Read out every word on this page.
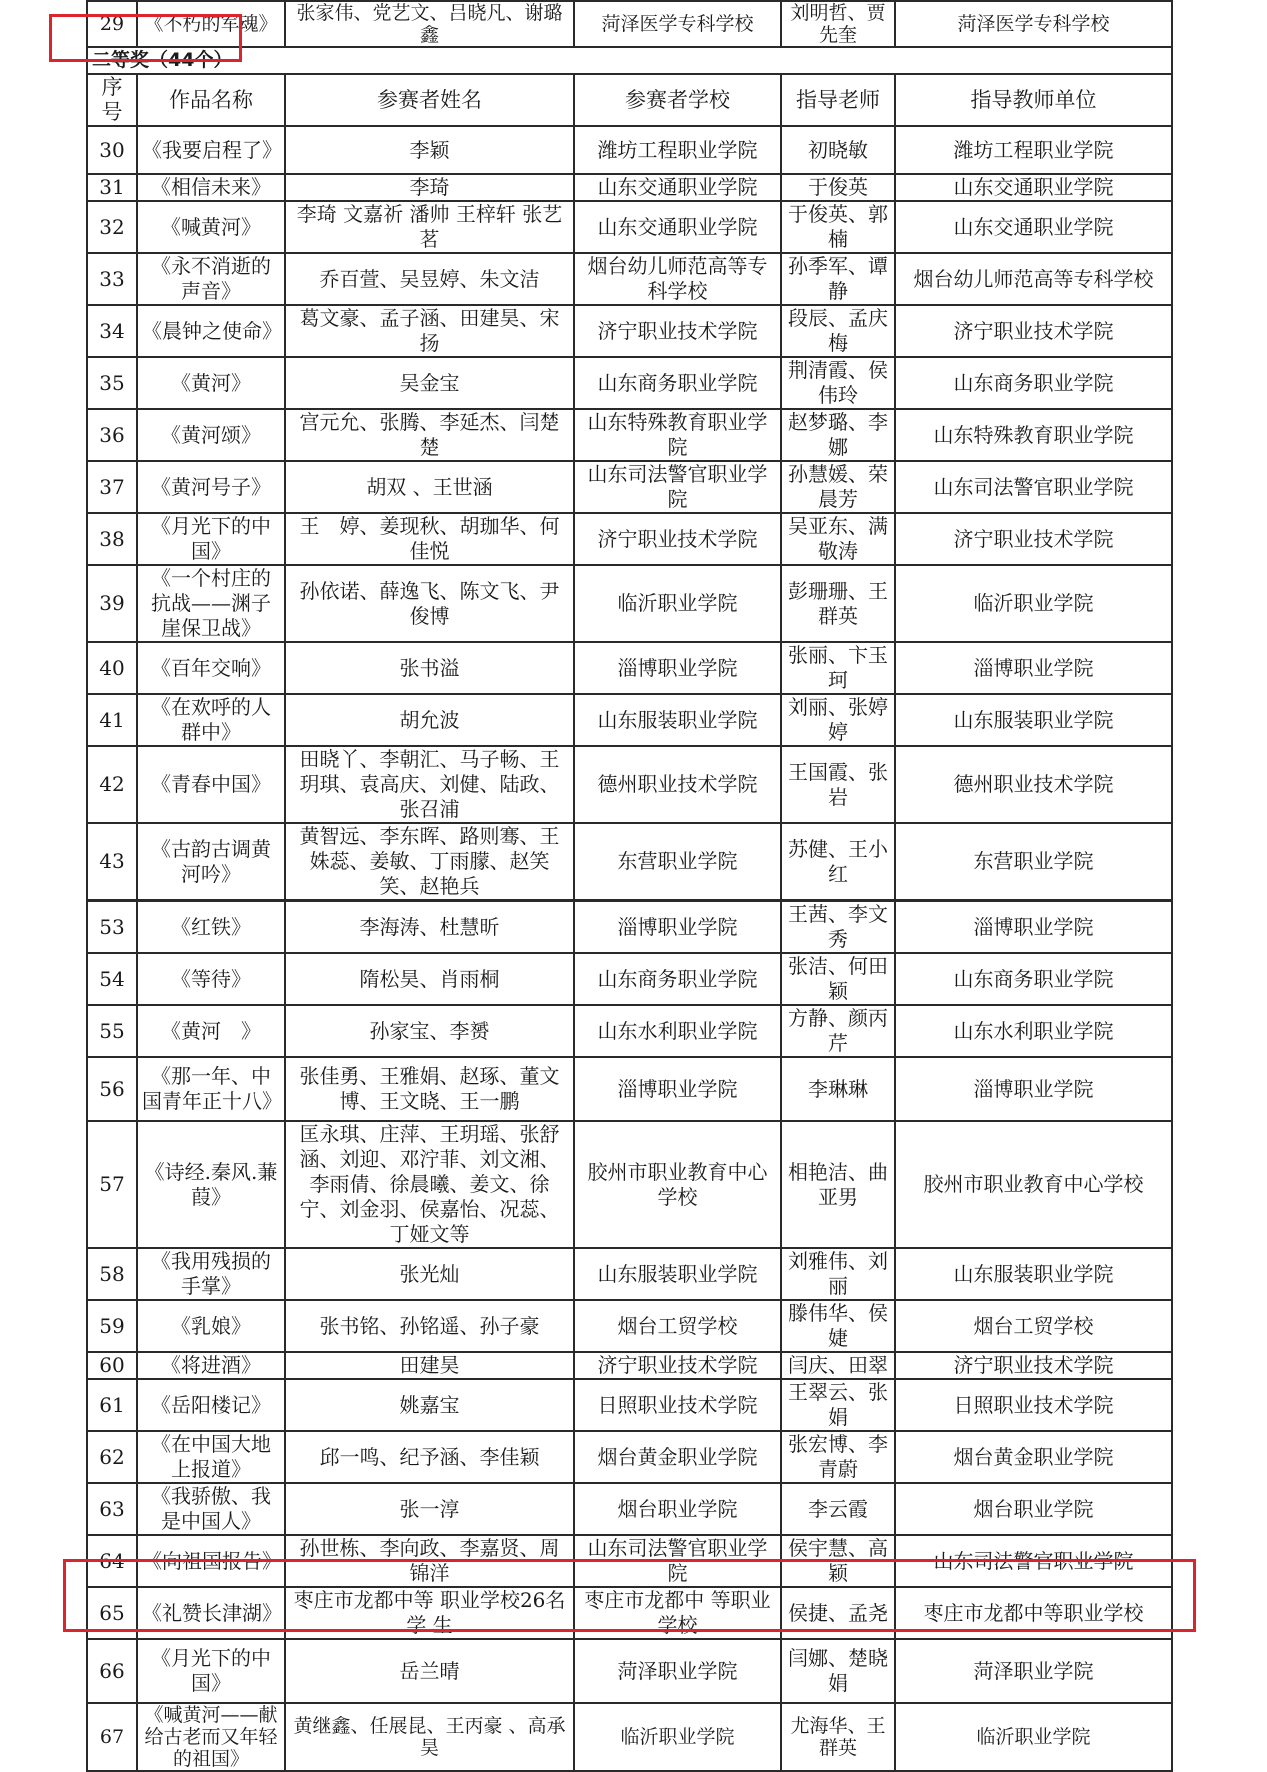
29	《不朽的军魂》	张家伟、党艺文、吕晓凡、谢璐鑫	菏泽医学专科学校	刘明哲、贾先奎	菏泽医学专科学校
二等奖（44个）					
序号	作品名称	参赛者姓名	参赛者学校	指导老师	指导教师单位
30	《我要启程了》	李颖	潍坊工程职业学院	初晓敏	潍坊工程职业学院
31	《相信未来》	李琦	山东交通职业学院	于俊英	山东交通职业学院
32	《喊黄河》	李琦 文嘉祈 潘帅 王梓轩 张艺茗	山东交通职业学院	于俊英、郭楠	山东交通职业学院
33	《永不消逝的声音》	乔百萱、吴昱婷、朱文洁	烟台幼儿师范高等专科学校	孙季军、谭静	烟台幼儿师范高等专科学校
34	《晨钟之使命》	葛文豪、孟子涵、田建昊、宋扬	济宁职业技术学院	段辰、孟庆梅	济宁职业技术学院
35	《黄河》	吴金宝	山东商务职业学院	荆清霞、侯伟玲	山东商务职业学院
36	《黄河颂》	宫元允、张腾、李延杰、闫楚楚	山东特殊教育职业学院	赵梦璐、李娜	山东特殊教育职业学院
37	《黄河号子》	胡双 、王世涵	山东司法警官职业学院	孙慧媛、荣晨芳	山东司法警官职业学院
38	《月光下的中国》	王　婷、姜现秋、胡珈华、何佳悦	济宁职业技术学院	吴亚东、满敬涛	济宁职业技术学院
39	《一个村庄的抗战——渊子崖保卫战》	孙依诺、薛逸飞、陈文飞、尹俊博	临沂职业学院	彭珊珊、王群英	临沂职业学院
40	《百年交响》	张书溢	淄博职业学院	张丽、卞玉珂	淄博职业学院
41	《在欢呼的人群中》	胡允波	山东服装职业学院	刘丽、张婷婷	山东服装职业学院
42	《青春中国》	田晓丫、李朝汇、马子畅、王玥琪、袁高庆、刘健、陆政、张召浦	德州职业技术学院	王国霞、张岩	德州职业技术学院
43	《古韵古调黄河吟》	黄智远、李东晖、路则骞、王姝蕊、姜敏、丁雨朦、赵笑笑、赵艳兵	东营职业学院	苏健、王小红	东营职业学院
53	《红铁》	李海涛、杜慧昕	淄博职业学院	王茜、李文秀	淄博职业学院
54	《等待》	隋松昊、肖雨桐	山东商务职业学院	张洁、何田颖	山东商务职业学院
55	《黄河　》	孙家宝、李赟	山东水利职业学院	方静、颜丙芹	山东水利职业学院
56	《那一年、中国青年正十八》	张佳勇、王雅娟、赵琢、董文博、王文晓、王一鹏	淄博职业学院	李琳琳	淄博职业学院
57	《诗经.秦风.蒹葭》	匡永琪、庄萍、王玥瑶、张舒涵、刘迎、邓泞菲、刘文湘、李雨倩、徐晨曦、姜文、徐宁、刘金羽、侯嘉怡、况蕊、丁娅文等	胶州市职业教育中心学校	相艳洁、曲亚男	胶州市职业教育中心学校
58	《我用残损的手掌》	张光灿	山东服装职业学院	刘雅伟、刘丽	山东服装职业学院
59	《乳娘》	张书铭、孙铭遥、孙子豪	烟台工贸学校	滕伟华、侯婕	烟台工贸学校
60	《将进酒》	田建昊	济宁职业技术学院	闫庆、田翠	济宁职业技术学院
61	《岳阳楼记》	姚嘉宝	日照职业技术学院	王翠云、张娟	日照职业技术学院
62	《在中国大地上报道》	邱一鸣、纪予涵、李佳颖	烟台黄金职业学院	张宏博、李青蔚	烟台黄金职业学院
63	《我骄傲、我是中国人》	张一淳	烟台职业学院	李云霞	烟台职业学院
64	《向祖国报告》	孙世栋、李向政、李嘉贤、周锦洋	山东司法警官职业学院	侯宇慧、高颖	山东司法警官职业学院
65	《礼赞长津湖》	枣庄市龙都中等 职业学校26名学 生	枣庄市龙都中 等职业学校	侯捷、孟尧	枣庄市龙都中等职业学校
66	《月光下的中国》	岳兰晴	菏泽职业学院	闫娜、楚晓娟	菏泽职业学院
67	《喊黄河——献给古老而又年轻的祖国》	黄继鑫、任展昆、王丙豪 、高承昊	临沂职业学院	尤海华、王群英	临沂职业学院
